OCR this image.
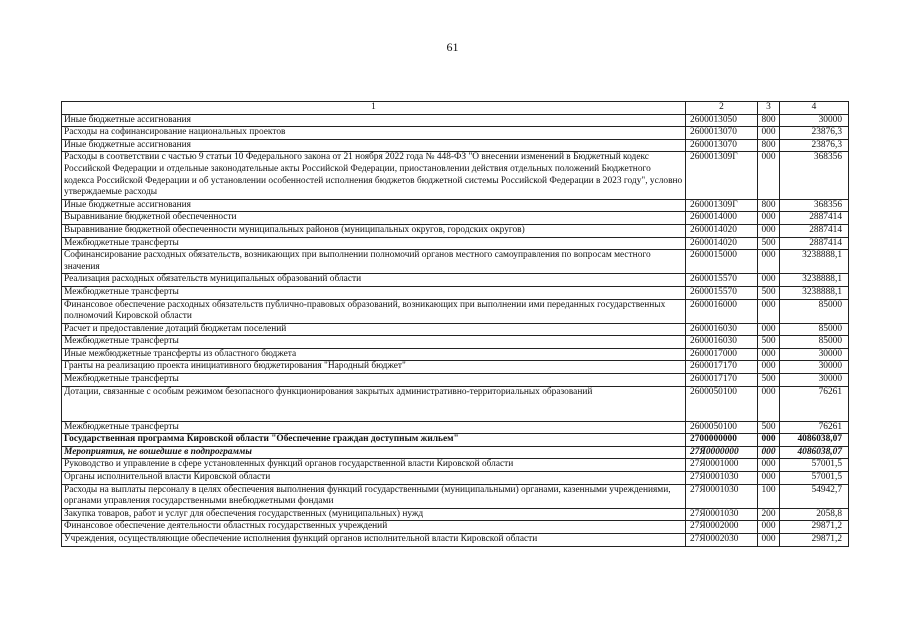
61
1	2	3	4
Иные бюджетные ассигнования	2600013050	800	30000
Расходы на софинансирование национальных проектов	2600013070	000	23876,3
Иные бюджетные ассигнования	2600013070	800	23876,3
Расходы в соответствии с частью 9 статьи 10 Федерального закона от 21 ноября 2022 года № 448-ФЗ "О внесении изменений в Бюджетный кодекс Российской Федерации и отдельные законодательные акты Российской Федерации, приостановлении действия отдельных положений Бюджетного кодекса Российской Федерации и об установлении особенностей исполнения бюджетов бюджетной системы Российской Федерации в 2023 году", условно утверждаемые расходы	260001309Г	000	368356
Иные бюджетные ассигнования	260001309Г	800	368356
Выравнивание бюджетной обеспеченности	2600014000	000	2887414
Выравнивание бюджетной обеспеченности муниципальных районов (муниципальных округов, городских округов)	2600014020	000	2887414
Межбюджетные трансферты	2600014020	500	2887414
Софинансирование расходных обязательств, возникающих при выполнении полномочий органов местного самоуправления по вопросам местного значения	2600015000	000	3238888,1
Реализация расходных обязательств муниципальных образований области	2600015570	000	3238888,1
Межбюджетные трансферты	2600015570	500	3238888,1
Финансовое обеспечение расходных обязательств публично-правовых образований, возникающих при выполнении ими переданных государственных полномочий Кировской области	2600016000	000	85000
Расчет и предоставление дотаций бюджетам поселений	2600016030	000	85000
Межбюджетные трансферты	2600016030	500	85000
Иные межбюджетные трансферты из областного бюджета	2600017000	000	30000
Гранты на реализацию проекта инициативного бюджетирования "Народный бюджет"	2600017170	000	30000
Межбюджетные трансферты	2600017170	500	30000
Дотации, связанные с особым режимом безопасного функционирования закрытых административно-территориальных образований	2600050100	000	76261
Межбюджетные трансферты	2600050100	500	76261
Государственная программа Кировской области "Обеспечение граждан доступным жильем"	2700000000	000	4086038,07
Мероприятия, не вошедшие в подпрограммы	27Я0000000	000	4086038,07
Руководство и управление в сфере установленных функций органов государственной власти Кировской области	27Я0001000	000	57001,5
Органы исполнительной власти Кировской области	27Я0001030	000	57001,5
Расходы на выплаты персоналу в целях обеспечения выполнения функций государственными (муниципальными) органами, казенными учреждениями, органами управления государственными внебюджетными фондами	27Я0001030	100	54942,7
Закупка товаров, работ и услуг для обеспечения государственных (муниципальных) нужд	27Я0001030	200	2058,8
Финансовое обеспечение деятельности областных государственных учреждений	27Я0002000	000	29871,2
Учреждения, осуществляющие обеспечение исполнения функций органов исполнительной власти Кировской области	27Я0002030	000	29871,2
